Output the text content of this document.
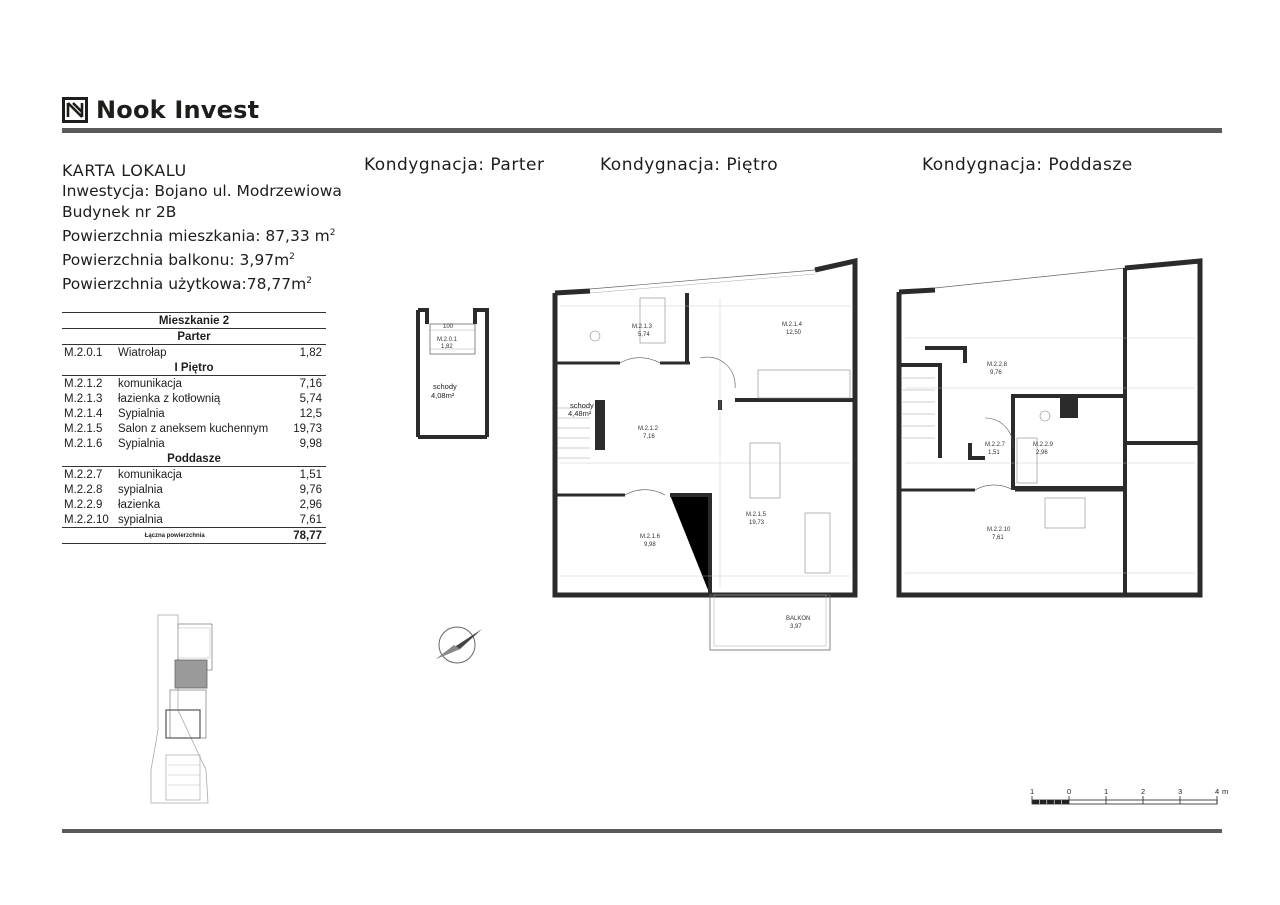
Nook Invest
KARTA LOKALU
Inwestycja: Bojano ul. Modrzewiowa
Budynek nr 2B
Powierzchnia mieszkania: 87,33 $m^2$
Powierzchnia balkonu: $3,97m^2$
Powierzchnia $użytkowa:78,77m^2$
Kondygnacja: Parter	Kondygnacja: Piętro	Kondygnacja: Poddasze
Mieszkanie 2		
Parter		
M.2.0.1	Wiatrołap	1,82
I Piętro		
M.2.1.2	komunikacja	7,16
M.2.1.3	łazienka z kotłownią	5,74
M.2.1.4	Sypialnia	12,5
M.2.1.5	Salon z aneksem kuchennym	19,73
M.2.1.6	Sypialnia	9,98
Poddasze		
M.2.2.7	komunikacja	1,51
M.2.2.8	sypialnia	9,76
M.2.2.9	łazienka	2,96
M.2.2.10	sypialnia	7,61
Łączna powierzchnia		78,77
M.2.0.1
1,82
100
schody
4,08m²
BALKON
3,97
schody
4,48m²
M.2.1.3
5,74
M.2.1.4
12,50
M.2.1.2
7,16
M.2.1.5
19,73
M.2.1.6
9,98
M.2.2.8
9,76
M.2.2.7
1,51
M.2.2.9
2,96
M.2.2.10
7,61
1	0	1	2	3	4 m
